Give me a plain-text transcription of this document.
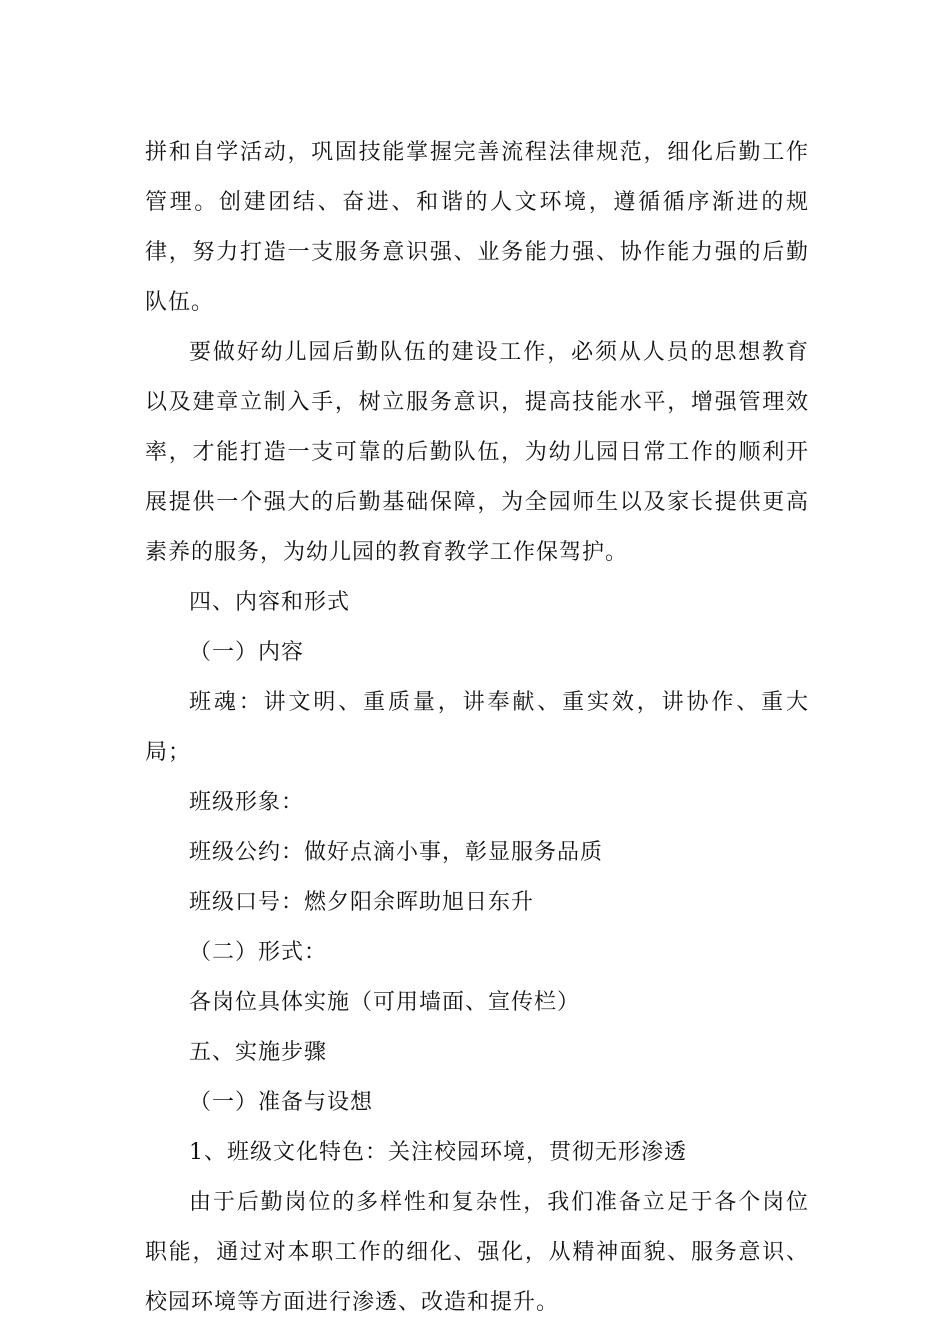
拼和自学活动，巩固技能掌握完善流程法律规范，细化后勤工作管理。创建团结、奋进、和谐的人文环境，遵循循序渐进的规律，努力打造一支服务意识强、业务能力强、协作能力强的后勤队伍。

要做好幼儿园后勤队伍的建设工作，必须从人员的思想教育以及建章立制入手，树立服务意识，提高技能水平，增强管理效率，才能打造一支可靠的后勤队伍，为幼儿园日常工作的顺利开展提供一个强大的后勤基础保障，为全园师生以及家长提供更高素养的服务，为幼儿园的教育教学工作保驾护。

四、内容和形式

（一）内容

班魂：讲文明、重质量，讲奉献、重实效，讲协作、重大局；

班级形象：

班级公约：做好点滴小事，彰显服务品质

班级口号：燃夕阳余晖助旭日东升

（二）形式：

各岗位具体实施（可用墙面、宣传栏）

五、实施步骤

（一）准备与设想

1、班级文化特色：关注校园环境，贯彻无形渗透

由于后勤岗位的多样性和复杂性，我们准备立足于各个岗位职能，通过对本职工作的细化、强化，从精神面貌、服务意识、校园环境等方面进行渗透、改造和提升。
